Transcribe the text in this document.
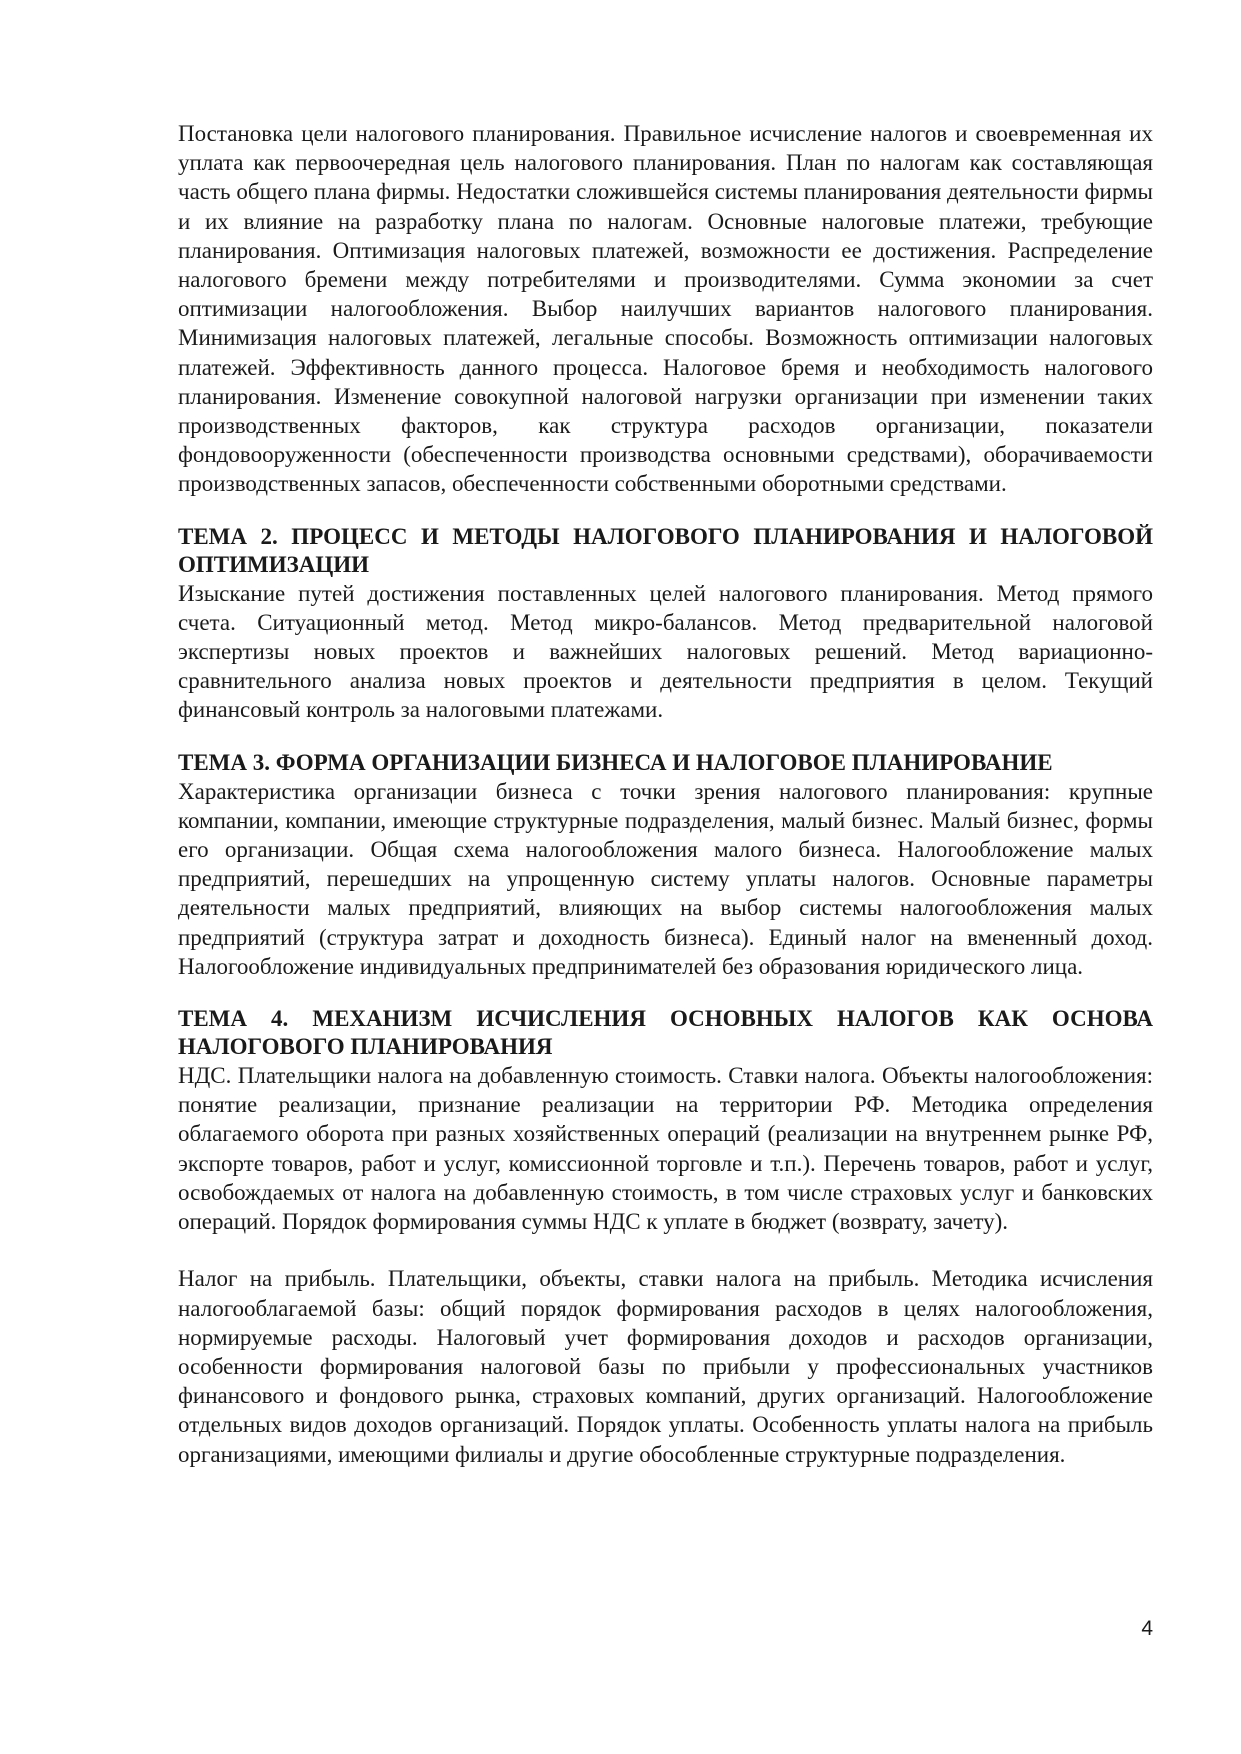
Постановка цели налогового планирования. Правильное исчисление налогов и своевременная их уплата как первоочередная цель налогового планирования. План по налогам как составляющая часть общего плана фирмы. Недостатки сложившейся системы планирования деятельности фирмы и их влияние на разработку плана по налогам. Основные налоговые платежи, требующие планирования. Оптимизация налоговых платежей, возможности ее достижения. Распределение налогового бремени между потребителями и производителями. Сумма экономии за счет оптимизации налогообложения. Выбор наилучших вариантов налогового планирования. Минимизация налоговых платежей, легальные способы. Возможность оптимизации налоговых платежей. Эффективность данного процесса. Налоговое бремя и необходимость налогового планирования. Изменение совокупной налоговой нагрузки организации при изменении таких производственных факторов, как структура расходов организации, показатели фондовооруженности (обеспеченности производства основными средствами), оборачиваемости производственных запасов, обеспеченности собственными оборотными средствами.

ТЕМА 2. ПРОЦЕСС И МЕТОДЫ НАЛОГОВОГО ПЛАНИРОВАНИЯ И НАЛОГОВОЙ ОПТИМИЗАЦИИ

Изыскание путей достижения поставленных целей налогового планирования. Метод прямого счета. Ситуационный метод. Метод микро-балансов. Метод предварительной налоговой экспертизы новых проектов и важнейших налоговых решений. Метод вариационно-сравнительного анализа новых проектов и деятельности предприятия в целом. Текущий финансовый контроль за налоговыми платежами.

ТЕМА 3. ФОРМА ОРГАНИЗАЦИИ БИЗНЕСА И НАЛОГОВОЕ ПЛАНИРОВАНИЕ

Характеристика организации бизнеса с точки зрения налогового планирования: крупные компании, компании, имеющие структурные подразделения, малый бизнес. Малый бизнес, формы его организации. Общая схема налогообложения малого бизнеса. Налогообложение малых предприятий, перешедших на упрощенную систему уплаты налогов. Основные параметры деятельности малых предприятий, влияющих на выбор системы налогообложения малых предприятий (структура затрат и доходность бизнеса). Единый налог на вмененный доход. Налогообложение индивидуальных предпринимателей без образования юридического лица.

ТЕМА 4. МЕХАНИЗМ ИСЧИСЛЕНИЯ ОСНОВНЫХ НАЛОГОВ КАК ОСНОВА НАЛОГОВОГО ПЛАНИРОВАНИЯ

НДС. Плательщики налога на добавленную стоимость. Ставки налога. Объекты налогообложения: понятие реализации, признание реализации на территории РФ. Методика определения облагаемого оборота при разных хозяйственных операций (реализации на внутреннем рынке РФ, экспорте товаров, работ и услуг, комиссионной торговле и т.п.). Перечень товаров, работ и услуг, освобождаемых от налога на добавленную стоимость, в том числе страховых услуг и банковских операций. Порядок формирования суммы НДС к уплате в бюджет (возврату, зачету).

Налог на прибыль. Плательщики, объекты, ставки налога на прибыль. Методика исчисления налогооблагаемой базы: общий порядок формирования расходов в целях налогообложения, нормируемые расходы. Налоговый учет формирования доходов и расходов организации, особенности формирования налоговой базы по прибыли у профессиональных участников финансового и фондового рынка, страховых компаний, других организаций. Налогообложение отдельных видов доходов организаций. Порядок уплаты. Особенность уплаты налога на прибыль организациями, имеющими филиалы и другие обособленные структурные подразделения.

4
